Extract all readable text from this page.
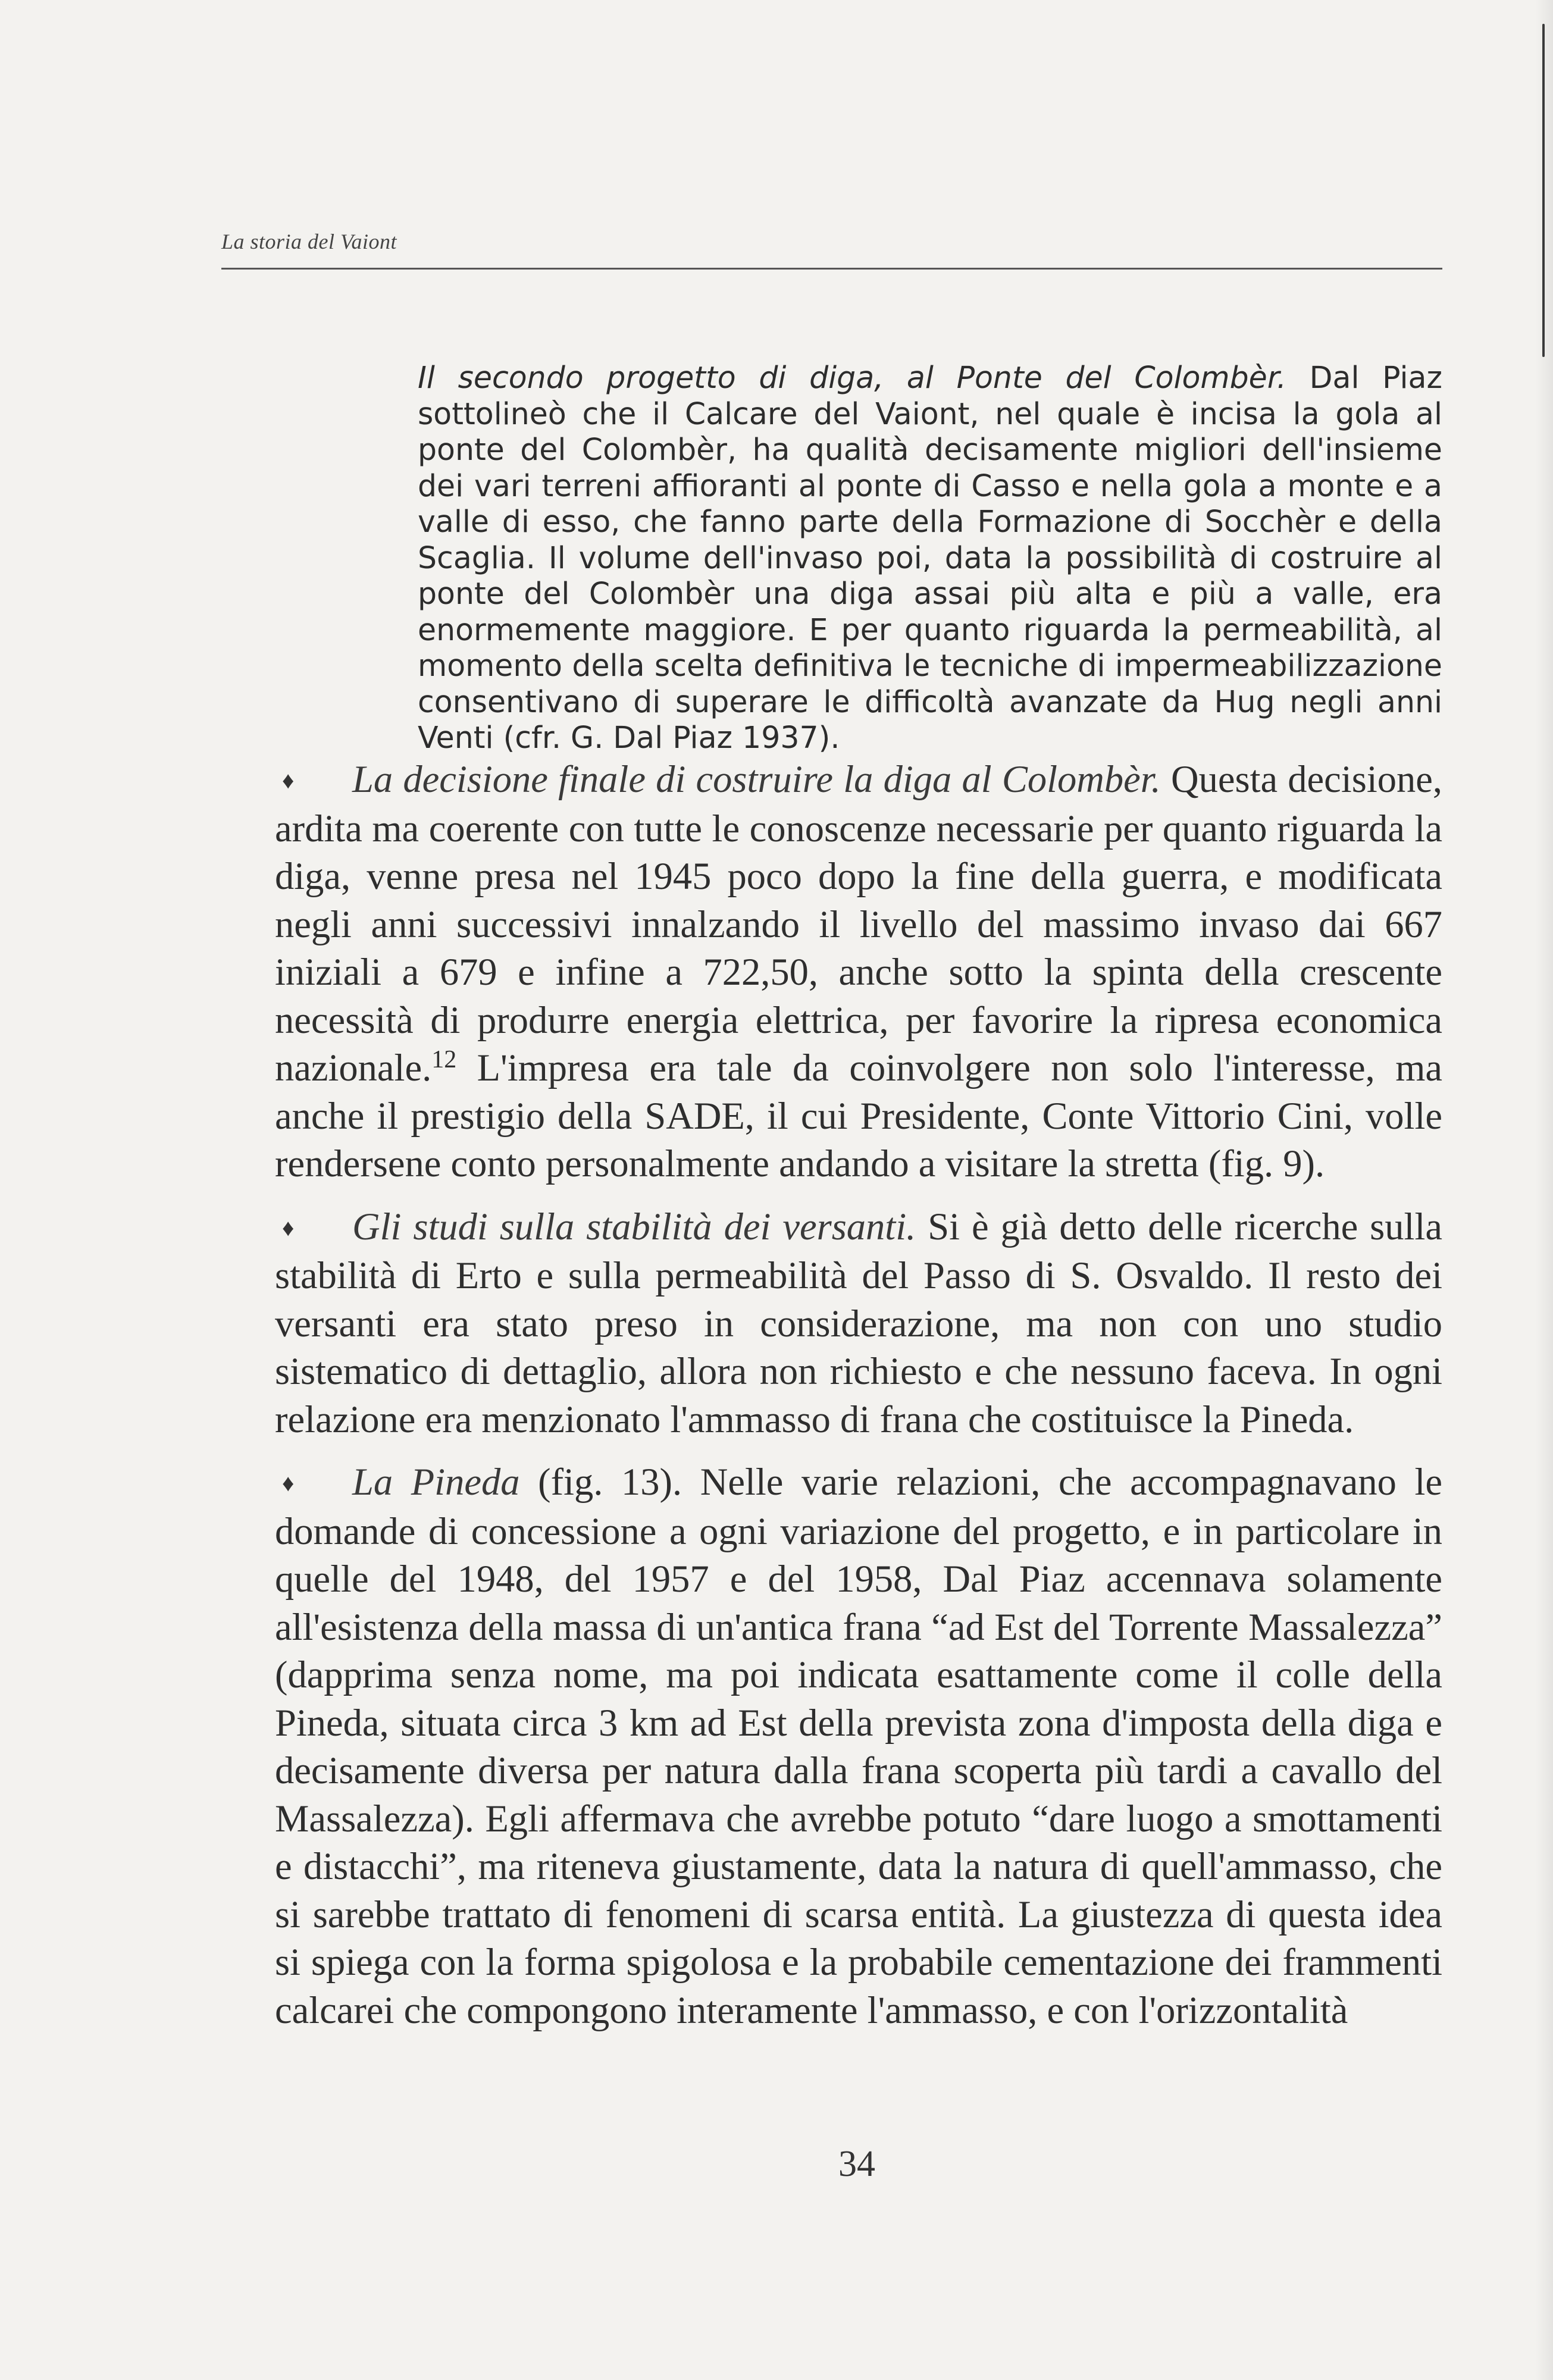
La storia del Vaiont
Il secondo progetto di diga, al Ponte del Colombèr. Dal Piaz sottolineò che il Calcare del Vaiont, nel quale è incisa la gola al ponte del Colombèr, ha qualità decisamente migliori dell'insieme dei vari terreni affioranti al ponte di Casso e nella gola a monte e a valle di esso, che fanno parte della Formazione di Socchèr e della Scaglia. Il volume dell'invaso poi, data la possibilità di costruire al ponte del Colombèr una diga assai più alta e più a valle, era enormemente maggiore. E per quanto riguarda la permeabilità, al momento della scelta definitiva le tecniche di impermeabilizzazione consentivano di superare le difficoltà avanzate da Hug negli anni Venti (cfr. G. Dal Piaz 1937).

♦ La decisione finale di costruire la diga al Colombèr. Questa decisione, ardita ma coerente con tutte le conoscenze necessarie per quanto riguarda la diga, venne presa nel 1945 poco dopo la fine della guerra, e modificata negli anni successivi innalzando il livello del massimo invaso dai 667 iniziali a 679 e infine a 722,50, anche sotto la spinta della crescente necessità di produrre energia elettrica, per favorire la ripresa economica nazionale.$^{12}$ L'impresa era tale da coinvolgere non solo l'interesse, ma anche il prestigio della SADE, il cui Presidente, Conte Vittorio Cini, volle rendersene conto personalmente andando a visitare la stretta (fig. 9).

♦ Gli studi sulla stabilità dei versanti. Si è già detto delle ricerche sulla stabilità di Erto e sulla permeabilità del Passo di S. Osvaldo. Il resto dei versanti era stato preso in considerazione, ma non con uno studio sistematico di dettaglio, allora non richiesto e che nessuno faceva. In ogni relazione era menzionato l'ammasso di frana che costituisce la Pineda.

♦ La Pineda (fig. 13). Nelle varie relazioni, che accompagnavano le domande di concessione a ogni variazione del progetto, e in particolare in quelle del 1948, del 1957 e del 1958, Dal Piaz accennava solamente all'esistenza della massa di un'antica frana “ad Est del Torrente Massalezza” (dapprima senza nome, ma poi indicata esattamente come il colle della Pineda, situata circa 3 km ad Est della prevista zona d'imposta della diga e decisamente diversa per natura dalla frana scoperta più tardi a cavallo del Massalezza). Egli affermava che avrebbe potuto “dare luogo a smottamenti e distacchi”, ma riteneva giustamente, data la natura di quell'ammasso, che si sarebbe trattato di fenomeni di scarsa entità. La giustezza di questa idea si spiega con la forma spigolosa e la probabile cementazione dei frammenti calcarei che compongono interamente l'ammasso, e con l'orizzontalità

34
